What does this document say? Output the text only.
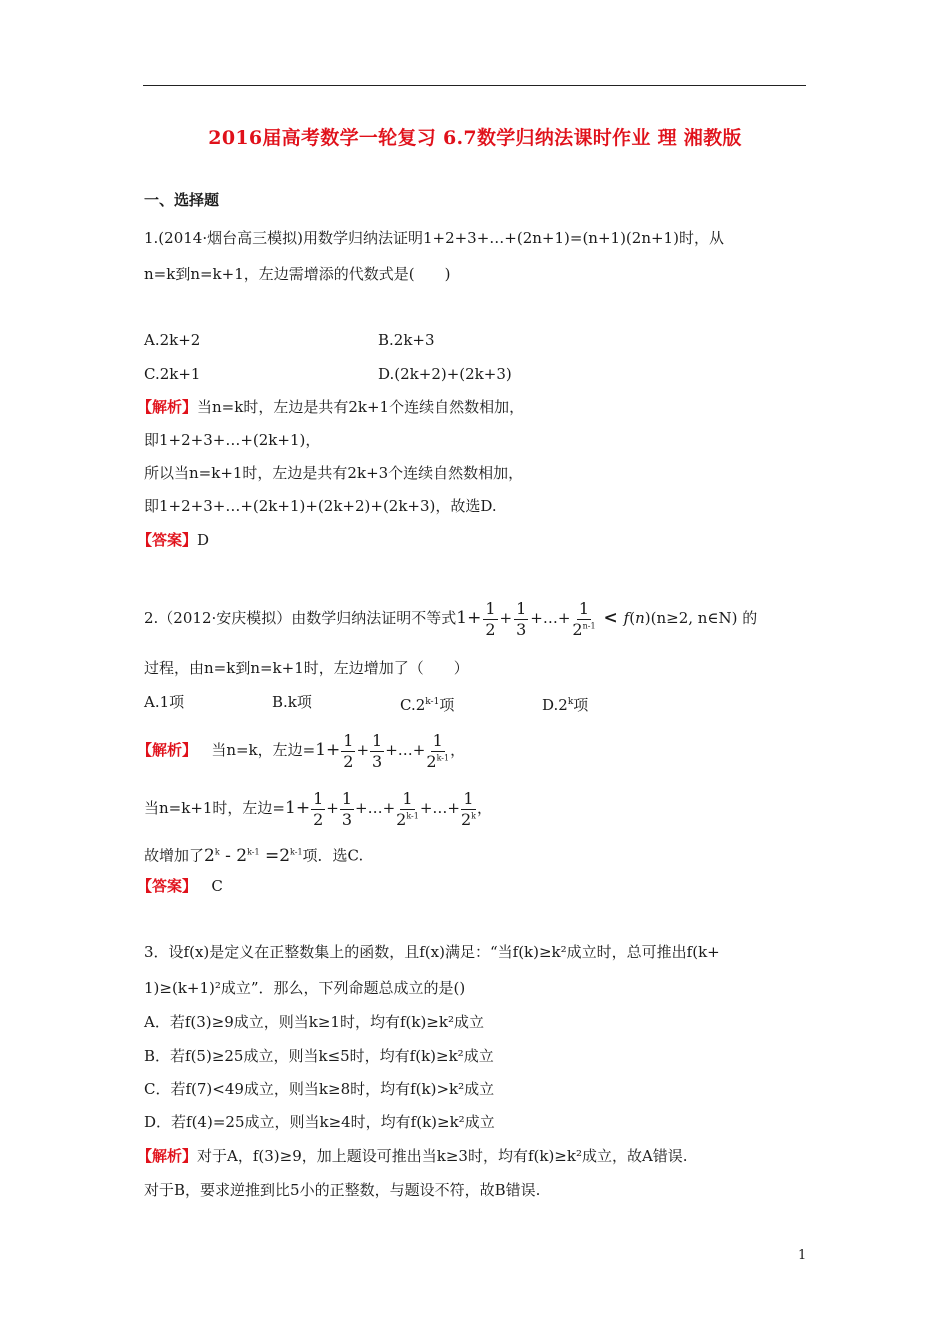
2016届高考数学一轮复习 6.7数学归纳法课时作业 理 湘教版
一、选择题
1.(2014·烟台高三模拟)用数学归纳法证明1+2+3+…+(2n+1)=(n+1)(2n+1)时，从
n=k到n=k+1，左边需增添的代数式是(　　)
A.2k+2	B.2k+3
C.2k+1	D.(2k+2)+(2k+3)
【解析】当n=k时，左边是共有2k+1个连续自然数相加，
即1+2+3+…+(2k+1)，
所以当n=k+1时，左边是共有2k+3个连续自然数相加，
即1+2+3+…+(2k+1)+(2k+2)+(2k+3)，故选D.
【答案】D
2.（2012·安庆模拟）由数学归纳法证明不等式$1+ \frac{1}{2} + \frac{1}{3}$ +…+ $\frac{1}{2^{n-1}} < f(n)(n\ge 2$, n∈N) 的
过程，由n=k到n=k+1时，左边增加了（　　）
A.1项	B.k项	C.2$^{k-1}$项	D.2$^k$项
【解析】 当n=k，左边$=1+ \frac{1}{2} + \frac{1}{3}$ +…+ $\frac{1}{2^{k-1}}$ ，
当n=k+1时，左边$=1+ \frac{1}{2} + \frac{1}{3}$ +…+ $\frac{1}{2^{k-1}}$ +…+ $\frac{1}{2^k}$ ，
故增加了$2^k - 2^{k-1} =2^{k-1}$项．选C.
【答案】 C
3．设f(x)是定义在正整数集上的函数，且f(x)满足：“当f(k)≥k²成立时，总可推出f(k+
1)≥(k+1)²成立”．那么，下列命题总成立的是()
A．若f(3)≥9成立，则当k≥1时，均有f(k)≥k²成立
B．若f(5)≥25成立，则当k≤5时，均有f(k)≥k²成立
C．若f(7)<49成立，则当k≥8时，均有f(k)>k²成立
D．若f(4)=25成立，则当k≥4时，均有f(k)≥k²成立
【解析】对于A，f(3)≥9，加上题设可推出当k≥3时，均有f(k)≥k²成立，故A错误.
对于B，要求逆推到比5小的正整数，与题设不符，故B错误.
1
